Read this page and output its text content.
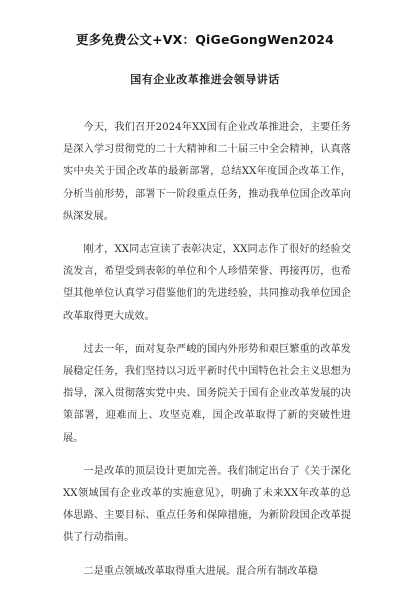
更多免费公文+VX：QiGeGongWen2024
国有企业改革推进会领导讲话

今天，我们召开2024年XX国有企业改革推进会，主要任务是深入学习贯彻党的二十大精神和二十届三中全会精神，认真落实中央关于国企改革的最新部署，总结XX年度国企改革工作，分析当前形势，部署下一阶段重点任务，推动我单位国企改革向纵深发展。

刚才，XX同志宣读了表彰决定，XX同志作了很好的经验交流发言，希望受到表彰的单位和个人珍惜荣誉、再接再厉，也希望其他单位认真学习借鉴他们的先进经验，共同推动我单位国企改革取得更大成效。

过去一年，面对复杂严峻的国内外形势和艰巨繁重的改革发展稳定任务，我们坚持以习近平新时代中国特色社会主义思想为指导，深入贯彻落实党中央、国务院关于国有企业改革发展的决策部署，迎难而上、攻坚克难，国企改革取得了新的突破性进展。

一是改革的顶层设计更加完善。我们制定出台了《关于深化XX领域国有企业改革的实施意见》，明确了未来XX年改革的总体思路、主要目标、重点任务和保障措施，为新阶段国企改革提供了行动指南。

二是重点领域改革取得重大进展。混合所有制改革稳
